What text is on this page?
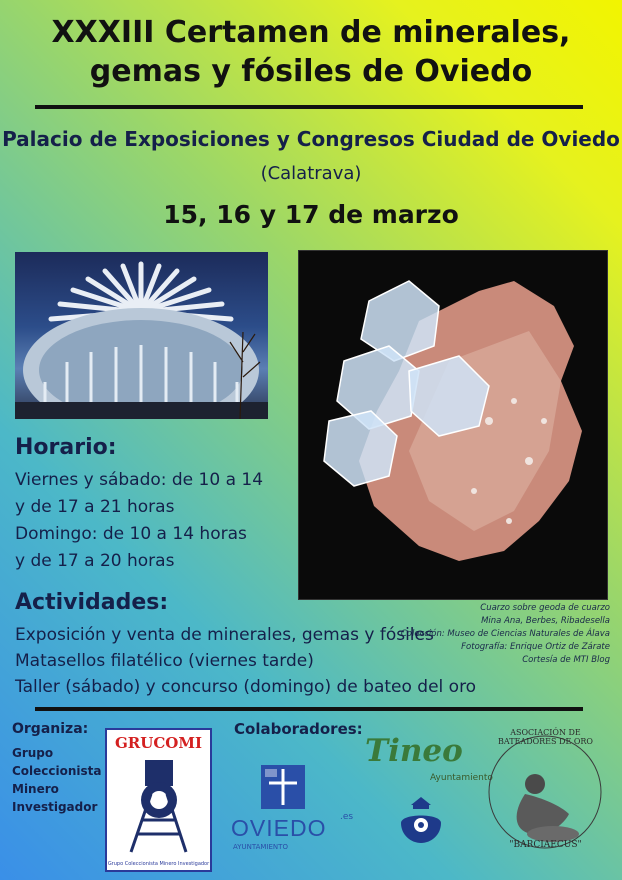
XXXIII Certamen de minerales,
gemas y fósiles de Oviedo
Palacio de Exposiciones y Congresos Ciudad de Oviedo
(Calatrava)
15, 16 y 17 de marzo
Cuarzo sobre geoda de cuarzo
Mina Ana, Berbes, Ribadesella
Colección: Museo de Ciencias Naturales de Álava
Fotografía: Enrique Ortiz de Zárate
Cortesía de MTI Blog
Horario:
Viernes y sábado: de 10 a 14
y de 17 a 21 horas
Domingo: de 10 a 14 horas
y de 17 a 20 horas
Actividades:
Exposición y venta de minerales, gemas y fósiles
Matasellos filatélico (viernes tarde)
Taller (sábado) y concurso (domingo) de bateo del oro
Organiza:
Grupo
Coleccionista
Minero
Investigador
GRUCOMI
Grupo Coleccionista Minero Investigador
Colaboradores:
OVIEDO .es
AYUNTAMIENTO
Tineo
Ayuntamiento
ASOCIACIÓN DE BATEADORES DE ORO
"BARCIAECUS"
